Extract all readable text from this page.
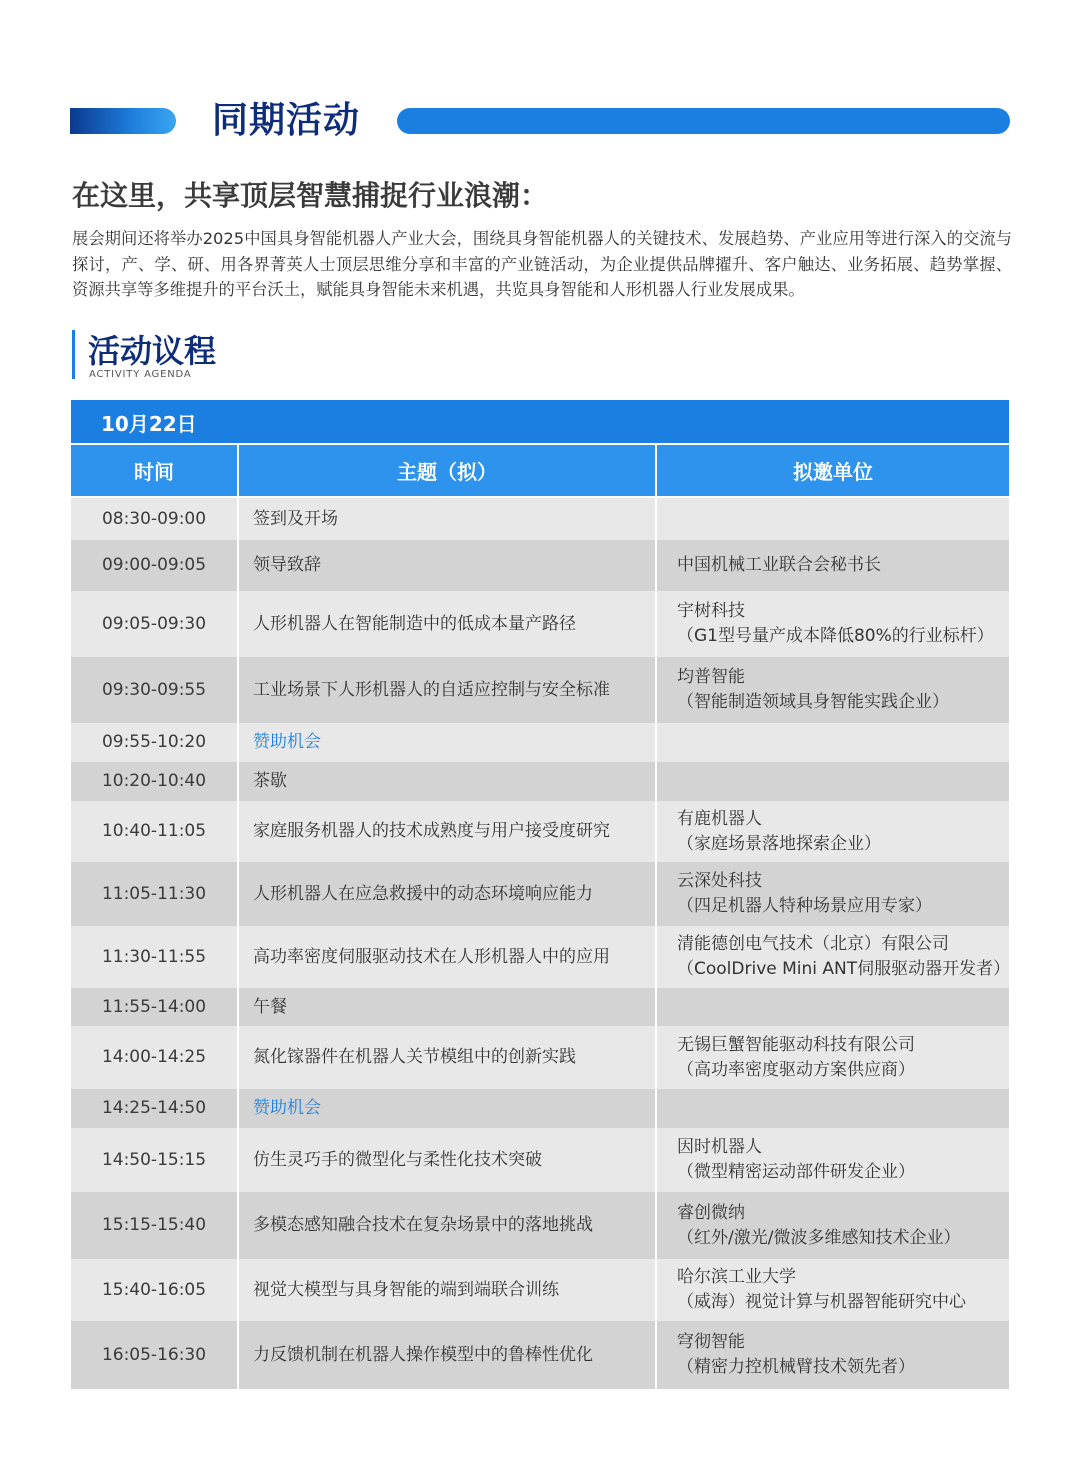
同期活动
在这里，共享顶层智慧捕捉行业浪潮：
展会期间还将举办2025中国具身智能机器人产业大会，围绕具身智能机器人的关键技术、发展趋势、产业应用等进行深入的交流与探讨，产、学、研、用各界菁英人士顶层思维分享和丰富的产业链活动，为企业提供品牌擢升、客户触达、业务拓展、趋势掌握、资源共享等多维提升的平台沃土，赋能具身智能未来机遇，共览具身智能和人形机器人行业发展成果。
活动议程
ACTIVITY AGENDA
10月22日
时间	主题（拟）	拟邀单位
08:30-09:00	签到及开场	
09:00-09:05	领导致辞	中国机械工业联合会秘书长

09:05-09:30	人形机器人在智能制造中的低成本量产路径	宇树科技
（G1型号量产成本降低80%的行业标杆）

09:30-09:55	工业场景下人形机器人的自适应控制与安全标准	均普智能
（智能制造领域具身智能实践企业）

09:55-10:20	赞助机会	
10:20-10:40	茶歇	
10:40-11:05	家庭服务机器人的技术成熟度与用户接受度研究	有鹿机器人
（家庭场景落地探索企业）

11:05-11:30	人形机器人在应急救援中的动态环境响应能力	云深处科技
（四足机器人特种场景应用专家）

11:30-11:55	高功率密度伺服驱动技术在人形机器人中的应用	清能德创电气技术（北京）有限公司
（CoolDrive Mini ANT伺服驱动器开发者）

11:55-14:00	午餐	
14:00-14:25	氮化镓器件在机器人关节模组中的创新实践	无锡巨蟹智能驱动科技有限公司
（高功率密度驱动方案供应商）

14:25-14:50	赞助机会	
14:50-15:15	仿生灵巧手的微型化与柔性化技术突破	因时机器人
（微型精密运动部件研发企业）

15:15-15:40	多模态感知融合技术在复杂场景中的落地挑战	睿创微纳
（红外/激光/微波多维感知技术企业）

15:40-16:05	视觉大模型与具身智能的端到端联合训练	哈尔滨工业大学
（威海）视觉计算与机器智能研究中心

16:05-16:30	力反馈机制在机器人操作模型中的鲁棒性优化	穹彻智能
（精密力控机械臂技术领先者）
